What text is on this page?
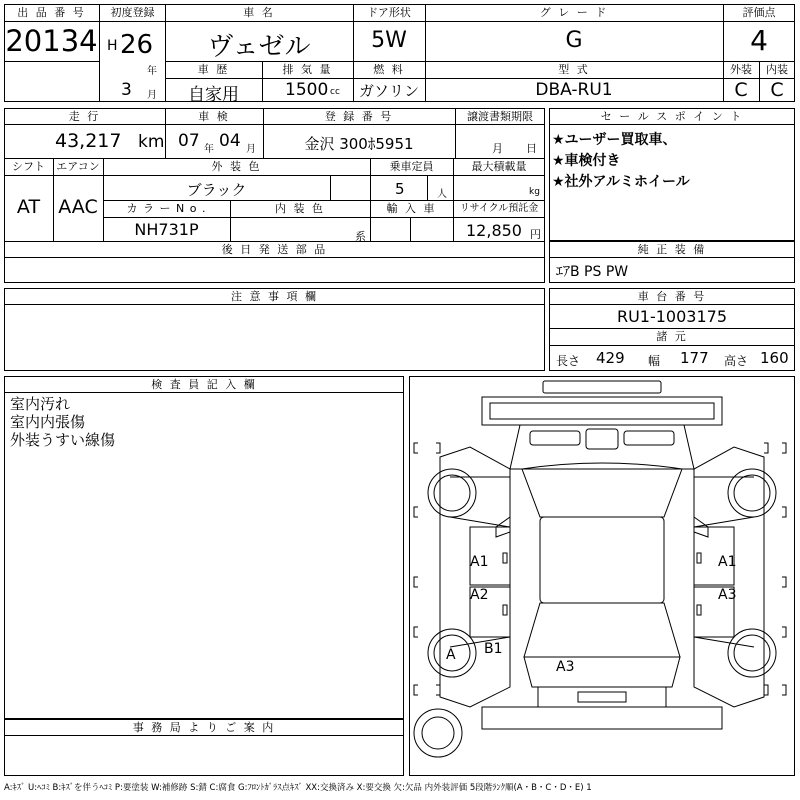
出 品 番 号
20134
初度登録
H 26
年
3 月
車 名
ヴェゼル
ドア形状
5W
グ レ ー ド
G
評価点
4
車 歴
自家用
排 気 量
1500 cc
燃 料
ガソリン
型 式
DBA-RU1
外装
C
内装
C
走 行
43,217 km
車 検
07 年 04 月
登 録 番 号
金沢 300ﾎ5951
譲渡書類期限
月 日
シフト
AT
エアコン
AAC
外 装 色
ブラック
乗車定員
5	人
最大積載量
kg
カ ラ ー N o .
NH731P
内 装 色
系
輸 入 車	リサイクル預託金
12,850 円
後 日 発 送 部 品
セ ー ル ス ポ イ ン ト
★ユーザー買取車、
★車検付き
★社外アルミホイール
純 正 装 備
ｴｱB PS PW
注 意 事 項 欄	車 台 番 号
RU1-1003175
諸 元
長さ 429 幅 177 高さ 160
検 査 員 記 入 欄
室内汚れ
室内内張傷
外装うすい線傷
事 務 局 よ り ご 案 内
A1
A2
A1
A3
A B1
A3
A:ｷｽﾞ U:ﾍｺﾐ B:ｷｽﾞを伴うﾍｺﾐ P:要塗装 W:補修跡 S:錆 C:腐食 G:ﾌﾛﾝﾄｶﾞﾗｽ点ｷｽﾞ XX:交換済み X:要交換 欠:欠品 内外装評価 5段階ﾗﾝｸ順(A・B・C・D・E) 1
